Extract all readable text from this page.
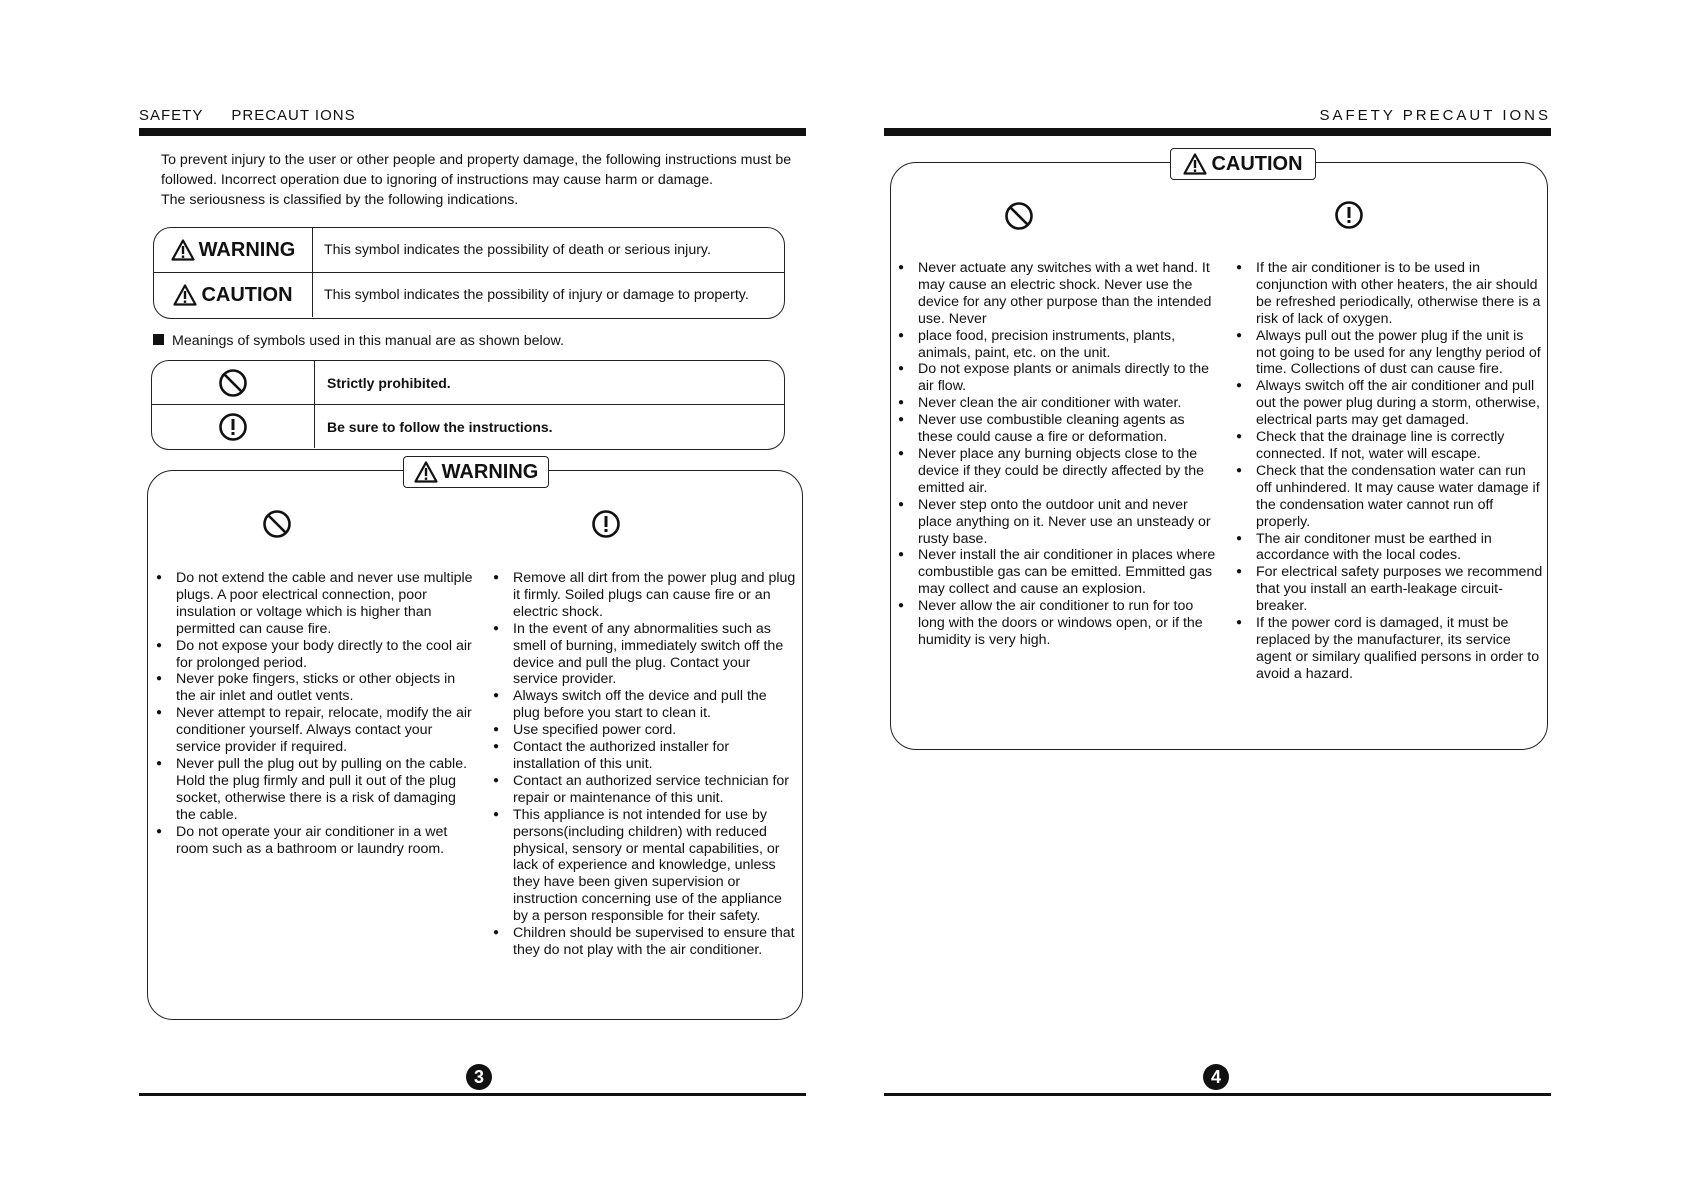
SAFETY PRECAUT IONS
To prevent injury to the user or other people and property damage, the following instructions must be followed. Incorrect operation due to ignoring of instructions may cause harm or damage.
The seriousness is classified by the following indications.
WARNING This symbol indicates the possibility of death or serious injury.
CAUTION This symbol indicates the possibility of injury or damage to property.
Meanings of symbols used in this manual are as shown below.
Strictly prohibited.
Be sure to follow the instructions.
● Do not extend the cable and never use multiple plugs. A poor electrical connection, poor insulation or voltage which is higher than permitted can cause fire.
● Do not expose your body directly to the cool air for prolonged period.
● Never poke fingers, sticks or other objects in the air inlet and outlet vents.
● Never attempt to repair, relocate, modify the air conditioner yourself. Always contact your service provider if required.
● Never pull the plug out by pulling on the cable. Hold the plug firmly and pull it out of the plug socket, otherwise there is a risk of damaging the cable.
● Do not operate your air conditioner in a wet room such as a bathroom or laundry room.
● Remove all dirt from the power plug and plug it firmly. Soiled plugs can cause fire or an electric shock.
● In the event of any abnormalities such as smell of burning, immediately switch off the device and pull the plug. Contact your service provider.
● Always switch off the device and pull the plug before you start to clean it.
● Use specified power cord.
● Contact the authorized installer for installation of this unit.
● Contact an authorized service technician for repair or maintenance of this unit.
● This appliance is not intended for use by persons(including children) with reduced physical, sensory or mental capabilities, or lack of experience and knowledge, unless they have been given supervision or instruction concerning use of the appliance by a person responsible for their safety.
● Children should be supervised to ensure that they do not play with the air conditioner.
WARNING
3
SAFETY PRECAUT IONS
● Never actuate any switches with a wet hand. It may cause an electric shock. Never use the device for any other purpose than the intended use. Never
● place food, precision instruments, plants, animals, paint, etc. on the unit.
● Do not expose plants or animals directly to the air flow.
● Never clean the air conditioner with water.
● Never use combustible cleaning agents as these could cause a fire or deformation.
● Never place any burning objects close to the device if they could be directly affected by the emitted air.
● Never step onto the outdoor unit and never place anything on it. Never use an unsteady or rusty base.
● Never install the air conditioner in places where combustible gas can be emitted. Emmitted gas may collect and cause an explosion.
● Never allow the air conditioner to run for too long with the doors or windows open, or if the humidity is very high.
● If the air conditioner is to be used in conjunction with other heaters, the air should be refreshed periodically, otherwise there is a risk of lack of oxygen.
● Always pull out the power plug if the unit is not going to be used for any lengthy period of time. Collections of dust can cause fire.
● Always switch off the air conditioner and pull out the power plug during a storm, otherwise, electrical parts may get damaged.
● Check that the drainage line is correctly connected. If not, water will escape.
● Check that the condensation water can run off unhindered. It may cause water damage if the condensation water cannot run off properly.
● The air conditoner must be earthed in accordance with the local codes.
● For electrical safety purposes we recommend that you install an earth-leakage circuit-breaker.
● If the power cord is damaged, it must be replaced by the manufacturer, its service agent or similary qualified persons in order to avoid a hazard.
CAUTION
4
